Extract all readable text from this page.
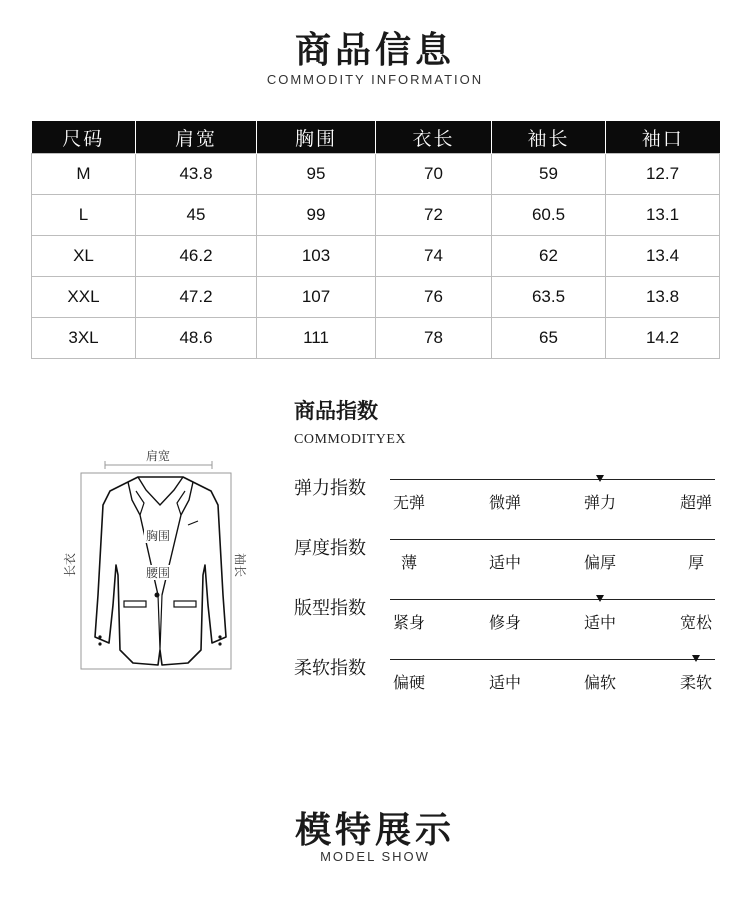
商品信息
COMMODITY INFORMATION
尺码	肩宽	胸围	衣长	袖长	袖口
M	43.8	95	70	59	12.7
L	45	99	72	60.5	13.1
XL	46.2	103	74	62	13.4
XXL	47.2	107	76	63.5	13.8
3XL	48.6	111	78	65	14.2
肩宽
胸围
腰围
长衣	袖长
商品指数
COMMODITYEX
弹力指数
无弹	微弹	弹力	超弹
厚度指数
薄	适中	偏厚	厚
版型指数
紧身	修身	适中	宽松
柔软指数
偏硬	适中	偏软	柔软
模特展示
MODEL SHOW
